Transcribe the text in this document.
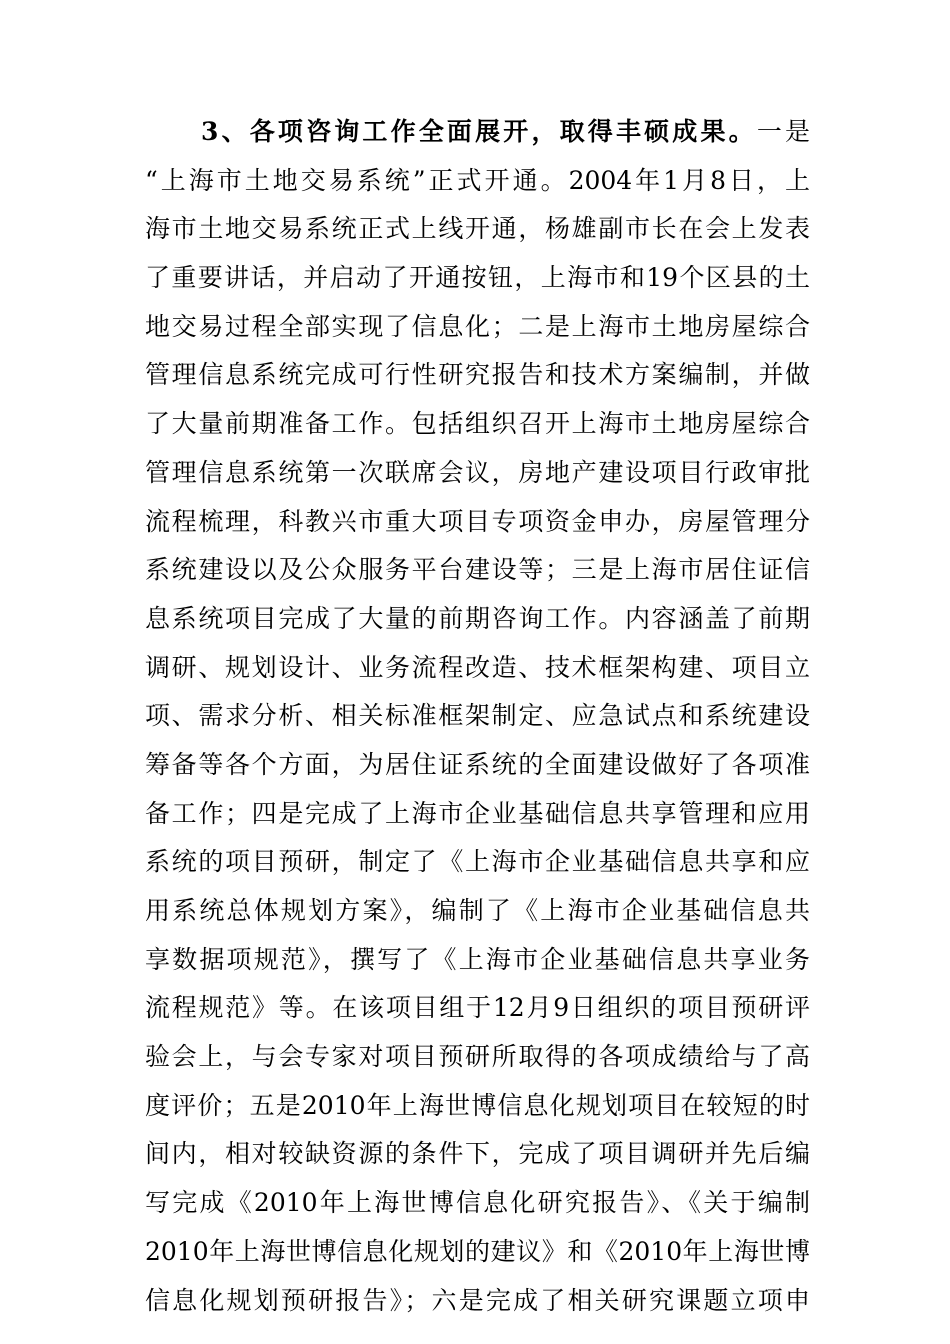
3、各项咨询工作全面展开，取得丰硕成果。一是
“上海市土地交易系统”正式开通。2004年1月8日，上
海市土地交易系统正式上线开通，杨雄副市长在会上发表
了重要讲话，并启动了开通按钮，上海市和19个区县的土
地交易过程全部实现了信息化；二是上海市土地房屋综合
管理信息系统完成可行性研究报告和技术方案编制，并做
了大量前期准备工作。包括组织召开上海市土地房屋综合
管理信息系统第一次联席会议，房地产建设项目行政审批
流程梳理，科教兴市重大项目专项资金申办，房屋管理分
系统建设以及公众服务平台建设等；三是上海市居住证信
息系统项目完成了大量的前期咨询工作。内容涵盖了前期
调研、规划设计、业务流程改造、技术框架构建、项目立
项、需求分析、相关标准框架制定、应急试点和系统建设
筹备等各个方面，为居住证系统的全面建设做好了各项准
备工作；四是完成了上海市企业基础信息共享管理和应用
系统的项目预研，制定了《上海市企业基础信息共享和应
用系统总体规划方案》，编制了《上海市企业基础信息共
享数据项规范》，撰写了《上海市企业基础信息共享业务
流程规范》等。在该项目组于12月9日组织的项目预研评
验会上，与会专家对项目预研所取得的各项成绩给与了高
度评价；五是2010年上海世博信息化规划项目在较短的时
间内，相对较缺资源的条件下，完成了项目调研并先后编
写完成《2010年上海世博信息化研究报告》、《关于编制
2010年上海世博信息化规划的建议》和《2010年上海世博
信息化规划预研报告》；六是完成了相关研究课题立项申
